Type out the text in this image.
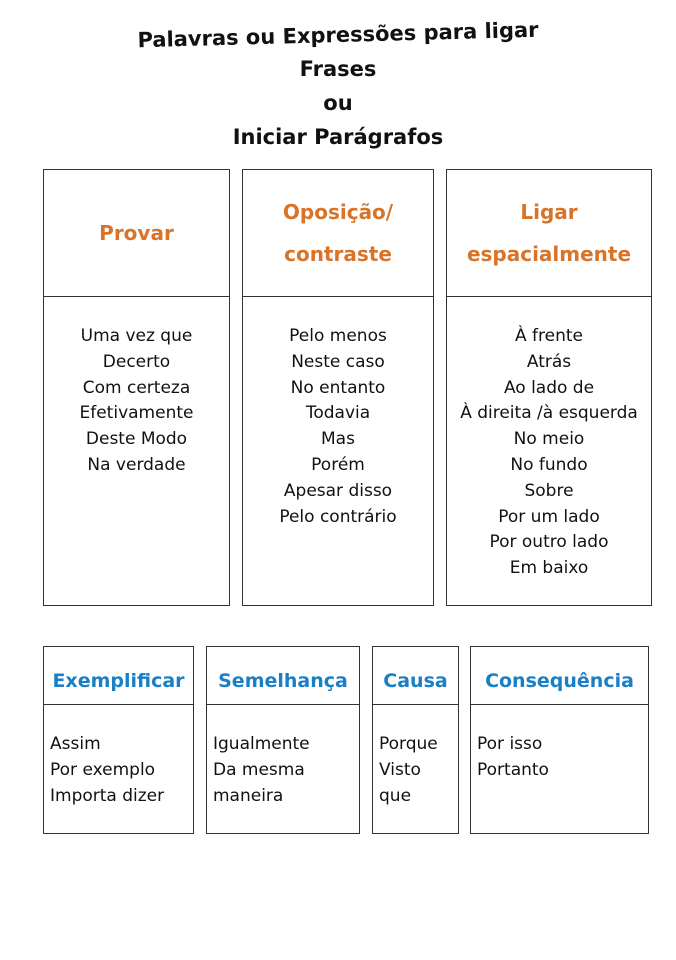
Palavras ou Expressões para ligar
Frases
ou
Iniciar Parágrafos
Provar
Uma vez que
Decerto
Com certeza
Efetivamente
Deste Modo
Na verdade
Oposição/ contraste
Pelo menos
Neste caso
No entanto
Todavia
Mas
Porém
Apesar disso
Pelo contrário
Ligar espacialmente
À frente
Atrás
Ao lado de
À direita /à esquerda
No meio
No fundo
Sobre
Por um lado
Por outro lado
Em baixo
Exemplificar
Assim
Por exemplo
Importa dizer
Semelhança
Igualmente
Da mesma
maneira
Causa
Porque
Visto
que
Consequência
Por isso
Portanto
